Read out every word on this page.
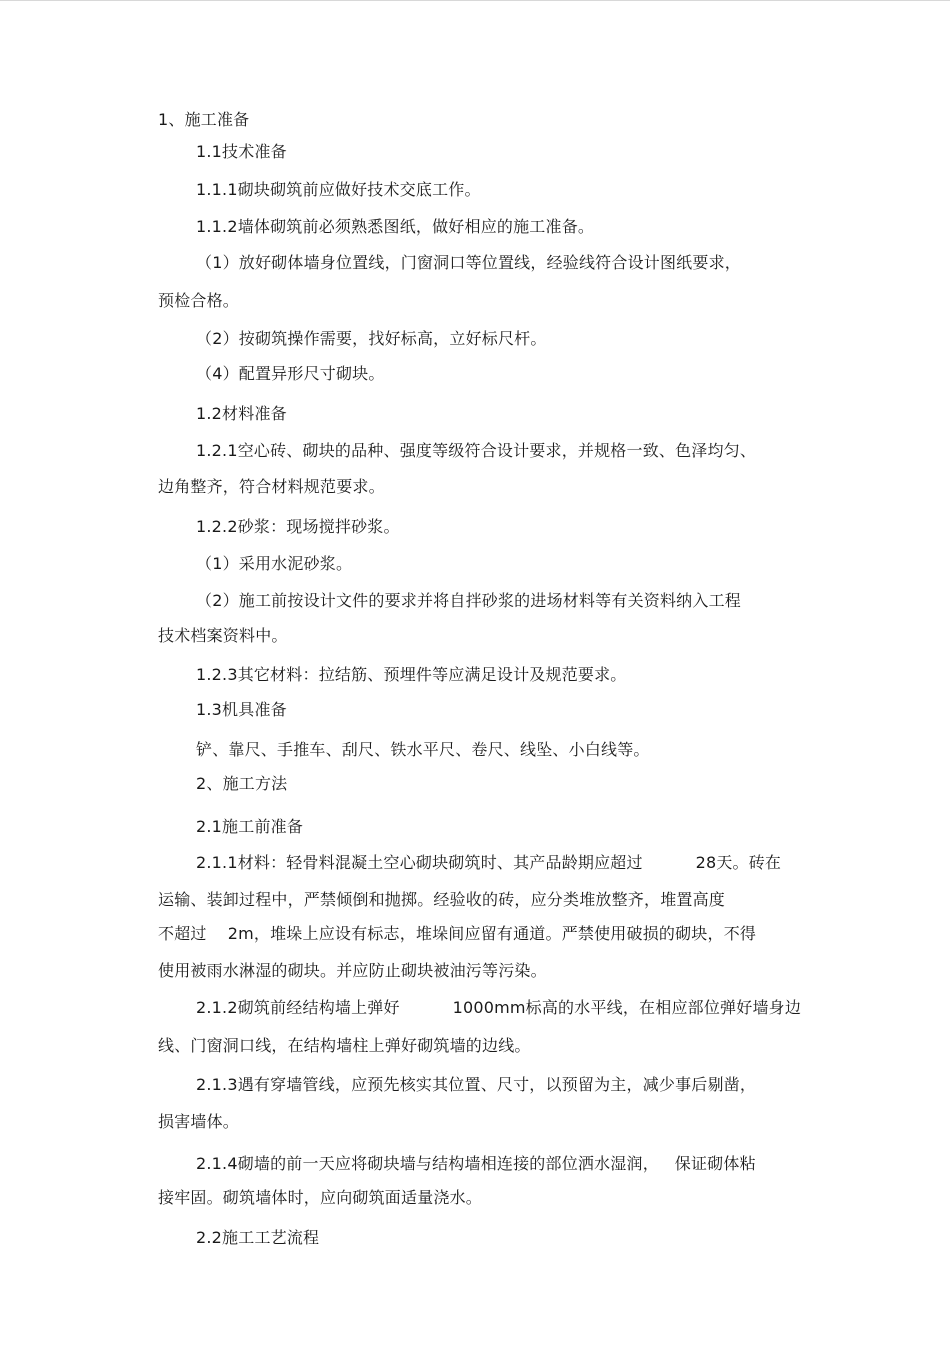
1、施工准备
1.1技术准备
1.1.1砌块砌筑前应做好技术交底工作。
1.1.2墙体砌筑前必须熟悉图纸，做好相应的施工准备。
（1）放好砌体墙身位置线，门窗洞口等位置线，经验线符合设计图纸要求，
预检合格。
（2）按砌筑操作需要，找好标高，立好标尺杆。
（4）配置异形尺寸砌块。
1.2材料准备
1.2.1空心砖、砌块的品种、强度等级符合设计要求，并规格一致、色泽均匀、
边角整齐，符合材料规范要求。
1.2.2砂浆：现场搅拌砂浆。
（1）采用水泥砂浆。
（2）施工前按设计文件的要求并将自拌砂浆的进场材料等有关资料纳入工程
技术档案资料中。
1.2.3其它材料：拉结筋、预埋件等应满足设计及规范要求。
1.3机具准备
铲、靠尺、手推车、刮尺、铁水平尺、卷尺、线坠、小白线等。
2、施工方法
2.1施工前准备
2.1.1材料：轻骨料混凝土空心砌块砌筑时、其产品龄期应超过          28天。砖在
运输、装卸过程中，严禁倾倒和抛掷。经验收的砖，应分类堆放整齐，堆置高度
不超过    2m，堆垛上应设有标志，堆垛间应留有通道。严禁使用破损的砌块，不得
使用被雨水淋湿的砌块。并应防止砌块被油污等污染。
2.1.2砌筑前经结构墙上弹好          1000mm标高的水平线，在相应部位弹好墙身边
线、门窗洞口线，在结构墙柱上弹好砌筑墙的边线。
2.1.3遇有穿墙管线，应预先核实其位置、尺寸，以预留为主，减少事后剔凿，
损害墙体。
2.1.4砌墙的前一天应将砌块墙与结构墙相连接的部位洒水湿润，   保证砌体粘
接牢固。砌筑墙体时，应向砌筑面适量浇水。
2.2施工工艺流程
